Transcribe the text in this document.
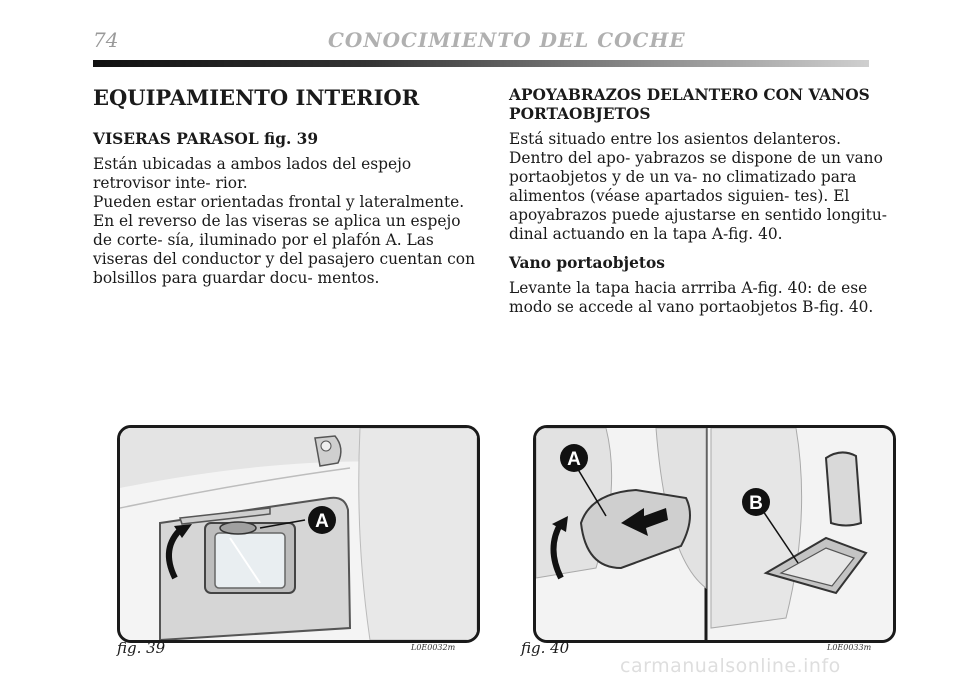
74	CONOCIMIENTO DEL COCHE
EQUIPAMIENTO INTERIOR
VISERAS PARASOL fig. 39

Están ubicadas a ambos lados del espejo retrovisor inte- rior.

Pueden estar orientadas frontal y lateralmente.

En el reverso de las viseras se aplica un espejo de corte- sía, iluminado por el plafón A. Las viseras del conductor y del pasajero cuentan con bolsillos para guardar docu- mentos.

APOYABRAZOS DELANTERO CON VANOS PORTAOBJETOS

Está situado entre los asientos delanteros. Dentro del apo- yabrazos se dispone de un vano portaobjetos y de un va- no climatizado para alimentos (véase apartados siguien- tes). El apoyabrazos puede ajustarse en sentido longitu- dinal actuando en la tapa A-fig. 40.

Vano portaobjetos

Levante la tapa hacia arrriba A-fig. 40: de ese modo se accede al vano portaobjetos B-fig. 40.

A
fig. 39	L0E0032m
A
B
fig. 40	L0E0033m
carmanualsonline.info
